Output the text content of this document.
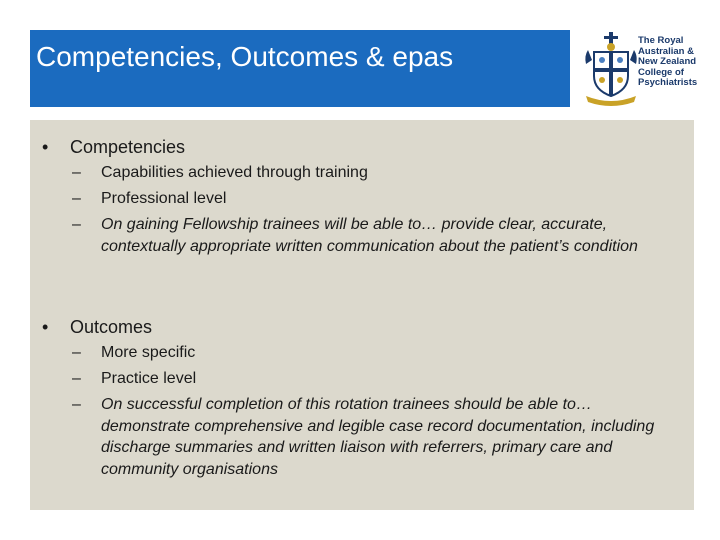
Competencies, Outcomes & epas
The Royal
Australian &
New Zealand
College of
Psychiatrists
• Competencies
– Capabilities achieved through training
– Professional level
– On gaining Fellowship trainees will be able to… provide clear, accurate, contextually appropriate written communication about the patient’s condition
• Outcomes
– More specific
– Practice level
– On successful completion of this rotation trainees should be able to… demonstrate comprehensive and legible case record documentation, including discharge summaries and written liaison with referrers, primary care and community organisations
